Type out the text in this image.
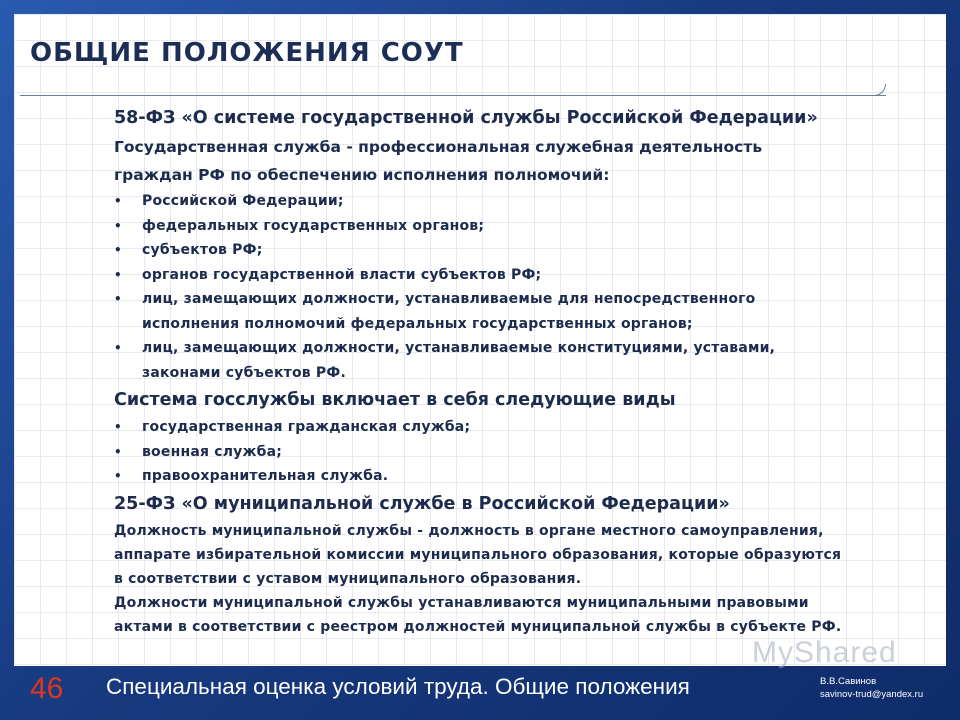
ОБЩИЕ ПОЛОЖЕНИЯ СОУТ

58-ФЗ «О системе государственной службы Российской Федерации»

Государственная служба - профессиональная служебная деятельность

граждан РФ по обеспечению исполнения полномочий:

• Российской Федерации;
• федеральных государственных органов;
• субъектов РФ;
• органов государственной власти субъектов РФ;
• лиц, замещающих должности, устанавливаемые для непосредственного
исполнения полномочий федеральных государственных органов;
• лиц, замещающих должности, устанавливаемые конституциями, уставами,
законами субъектов РФ.

Система госслужбы включает в себя следующие виды

• государственная гражданская служба;
• военная служба;
• правоохранительная служба.

25-ФЗ «О муниципальной службе в Российской Федерации»

Должность муниципальной службы - должность в органе местного самоуправления,

аппарате избирательной комиссии муниципального образования, которые образуются

в соответствии с уставом муниципального образования.

Должности муниципальной службы устанавливаются муниципальными правовыми

актами в соответствии с реестром должностей муниципальной службы в субъекте РФ.

MyShared
46 Специальная оценка условий труда. Общие положения	В.В.Савинов
savinov-trud@yandex.ru
